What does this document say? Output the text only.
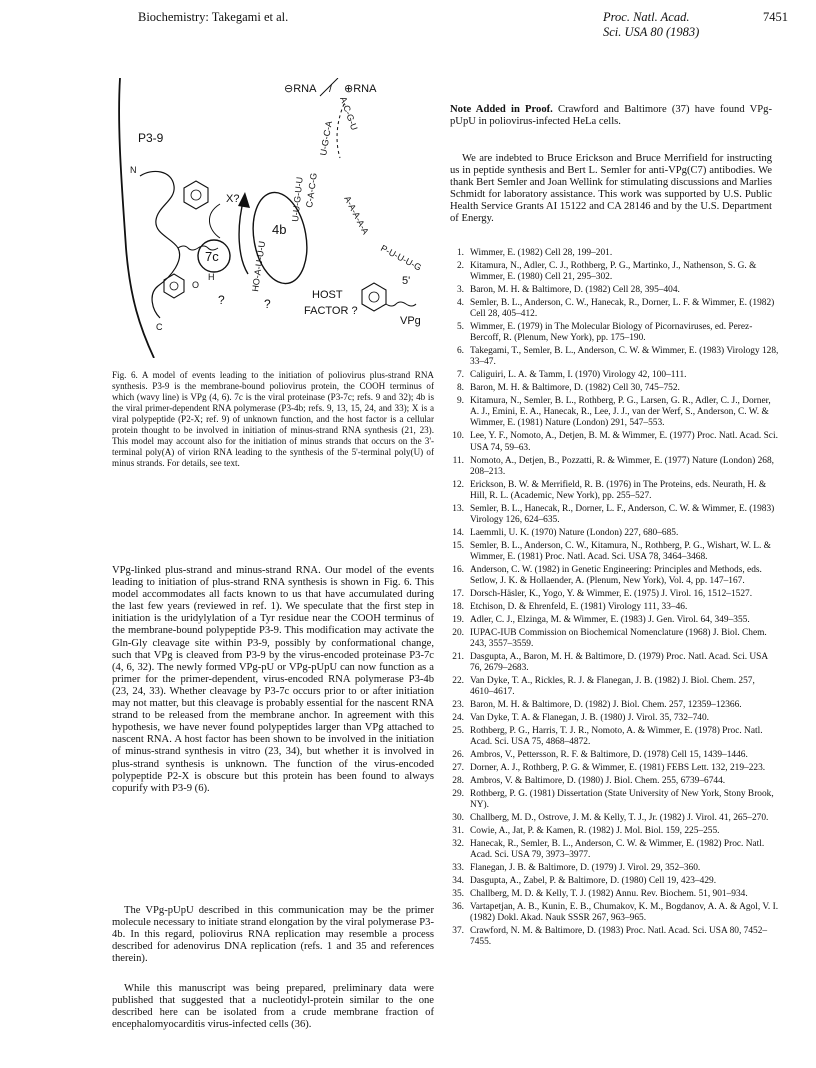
Biochemistry: Takegami et al.	Proc. Natl. Acad. Sci. USA 80 (1983)
7451
⊖RNA / ⊕RNA
P3-9
N
C
7c
4b
X?
HO-A-U-U-U
U-G-C-A
C-A-C-G
U-U-G-U-U	A-A-A-A-A
P-U-U-U-G
A-C-G-U
O
H
?	?
HOST
FACTOR ?
VPg
5'
Fig. 6. A model of events leading to the initiation of poliovirus plus-strand RNA synthesis. P3-9 is the membrane-bound poliovirus protein, the COOH terminus of which (wavy line) is VPg (4, 6). 7c is the viral proteinase (P3-7c; refs. 9 and 32); 4b is the viral primer-dependent RNA polymerase (P3-4b; refs. 9, 13, 15, 24, and 33); X is a viral polypeptide (P2-X; ref. 9) of unknown function, and the host factor is a cellular protein thought to be involved in initiation of minus-strand RNA synthesis (21, 23). This model may account also for the initiation of minus strands that occurs on the 3'-terminal poly(A) of virion RNA leading to the synthesis of the 5'-terminal poly(U) of minus strands. For details, see text.

VPg-linked plus-strand and minus-strand RNA. Our model of the events leading to initiation of plus-strand RNA synthesis is shown in Fig. 6. This model accommodates all facts known to us that have accumulated during the last few years (reviewed in ref. 1). We speculate that the first step in initiation is the uridylylation of a Tyr residue near the COOH terminus of the membrane-bound polypeptide P3-9. This modification may activate the Gln-Gly cleavage site within P3-9, possibly by conformational change, such that VPg is cleaved from P3-9 by the virus-encoded proteinase P3-7c (4, 6, 32). The newly formed VPg-pU or VPg-pUpU can now function as a primer for the primer-dependent, virus-encoded RNA polymerase P3-4b (23, 24, 33). Whether cleavage by P3-7c occurs prior to or after initiation may not matter, but this cleavage is probably essential for the nascent RNA strand to be released from the membrane anchor. In agreement with this hypothesis, we have never found polypeptides larger than VPg attached to nascent RNA. A host factor has been shown to be involved in the initiation of minus-strand synthesis in vitro (23, 34), but whether it is involved in plus-strand synthesis is unknown. The function of the virus-encoded polypeptide P2-X is obscure but this protein has been found to always copurify with P3-9 (6).

The VPg-pUpU described in this communication may be the primer molecule necessary to initiate strand elongation by the viral polymerase P3-4b. In this regard, poliovirus RNA replication may resemble a process described for adenovirus DNA replication (refs. 1 and 35 and references therein).

While this manuscript was being prepared, preliminary data were published that suggested that a nucleotidyl-protein similar to the one described here can be isolated from a crude membrane fraction of encephalomyocarditis virus-infected cells (36).

Note Added in Proof. Crawford and Baltimore (37) have found VPg-pUpU in poliovirus-infected HeLa cells.

We are indebted to Bruce Erickson and Bruce Merrifield for instructing us in peptide synthesis and Bert L. Semler for anti-VPg(C7) antibodies. We thank Bert Semler and Joan Wellink for stimulating discussions and Marlies Schmidt for laboratory assistance. This work was supported by U.S. Public Health Service Grants AI 15122 and CA 28146 and by the U.S. Department of Energy.

1. Wimmer, E. (1982) Cell 28, 199–201.
2. Kitamura, N., Adler, C. J., Rothberg, P. G., Martinko, J., Nathenson, S. G. & Wimmer, E. (1980) Cell 21, 295–302.
3. Baron, M. H. & Baltimore, D. (1982) Cell 28, 395–404.
4. Semler, B. L., Anderson, C. W., Hanecak, R., Dorner, L. F. & Wimmer, E. (1982) Cell 28, 405–412.
5. Wimmer, E. (1979) in The Molecular Biology of Picornaviruses, ed. Perez-Bercoff, R. (Plenum, New York), pp. 175–190.
6. Takegami, T., Semler, B. L., Anderson, C. W. & Wimmer, E. (1983) Virology 128, 33–47.
7. Caliguiri, L. A. & Tamm, I. (1970) Virology 42, 100–111.
8. Baron, M. H. & Baltimore, D. (1982) Cell 30, 745–752.
9. Kitamura, N., Semler, B. L., Rothberg, P. G., Larsen, G. R., Adler, C. J., Dorner, A. J., Emini, E. A., Hanecak, R., Lee, J. J., van der Werf, S., Anderson, C. W. & Wimmer, E. (1981) Nature (London) 291, 547–553.
10. Lee, Y. F., Nomoto, A., Detjen, B. M. & Wimmer, E. (1977) Proc. Natl. Acad. Sci. USA 74, 59–63.
11. Nomoto, A., Detjen, B., Pozzatti, R. & Wimmer, E. (1977) Nature (London) 268, 208–213.
12. Erickson, B. W. & Merrifield, R. B. (1976) in The Proteins, eds. Neurath, H. & Hill, R. L. (Academic, New York), pp. 255–527.
13. Semler, B. L., Hanecak, R., Dorner, L. F., Anderson, C. W. & Wimmer, E. (1983) Virology 126, 624–635.
14. Laemmli, U. K. (1970) Nature (London) 227, 680–685.
15. Semler, B. L., Anderson, C. W., Kitamura, N., Rothberg, P. G., Wishart, W. L. & Wimmer, E. (1981) Proc. Natl. Acad. Sci. USA 78, 3464–3468.
16. Anderson, C. W. (1982) in Genetic Engineering: Principles and Methods, eds. Setlow, J. K. & Hollaender, A. (Plenum, New York), Vol. 4, pp. 147–167.
17. Dorsch-Häsler, K., Yogo, Y. & Wimmer, E. (1975) J. Virol. 16, 1512–1527.
18. Etchison, D. & Ehrenfeld, E. (1981) Virology 111, 33–46.
19. Adler, C. J., Elzinga, M. & Wimmer, E. (1983) J. Gen. Virol. 64, 349–355.
20. IUPAC-IUB Commission on Biochemical Nomenclature (1968) J. Biol. Chem. 243, 3557–3559.
21. Dasgupta, A., Baron, M. H. & Baltimore, D. (1979) Proc. Natl. Acad. Sci. USA 76, 2679–2683.
22. Van Dyke, T. A., Rickles, R. J. & Flanegan, J. B. (1982) J. Biol. Chem. 257, 4610–4617.
23. Baron, M. H. & Baltimore, D. (1982) J. Biol. Chem. 257, 12359–12366.
24. Van Dyke, T. A. & Flanegan, J. B. (1980) J. Virol. 35, 732–740.
25. Rothberg, P. G., Harris, T. J. R., Nomoto, A. & Wimmer, E. (1978) Proc. Natl. Acad. Sci. USA 75, 4868–4872.
26. Ambros, V., Pettersson, R. F. & Baltimore, D. (1978) Cell 15, 1439–1446.
27. Dorner, A. J., Rothberg, P. G. & Wimmer, E. (1981) FEBS Lett. 132, 219–223.
28. Ambros, V. & Baltimore, D. (1980) J. Biol. Chem. 255, 6739–6744.
29. Rothberg, P. G. (1981) Dissertation (State University of New York, Stony Brook, NY).
30. Challberg, M. D., Ostrove, J. M. & Kelly, T. J., Jr. (1982) J. Virol. 41, 265–270.
31. Cowie, A., Jat, P. & Kamen, R. (1982) J. Mol. Biol. 159, 225–255.
32. Hanecak, R., Semler, B. L., Anderson, C. W. & Wimmer, E. (1982) Proc. Natl. Acad. Sci. USA 79, 3973–3977.
33. Flanegan, J. B. & Baltimore, D. (1979) J. Virol. 29, 352–360.
34. Dasgupta, A., Zabel, P. & Baltimore, D. (1980) Cell 19, 423–429.
35. Challberg, M. D. & Kelly, T. J. (1982) Annu. Rev. Biochem. 51, 901–934.
36. Vartapetjan, A. B., Kunin, E. B., Chumakov, K. M., Bogdanov, A. A. & Agol, V. I. (1982) Dokl. Akad. Nauk SSSR 267, 963–965.
37. Crawford, N. M. & Baltimore, D. (1983) Proc. Natl. Acad. Sci. USA 80, 7452–7455.
